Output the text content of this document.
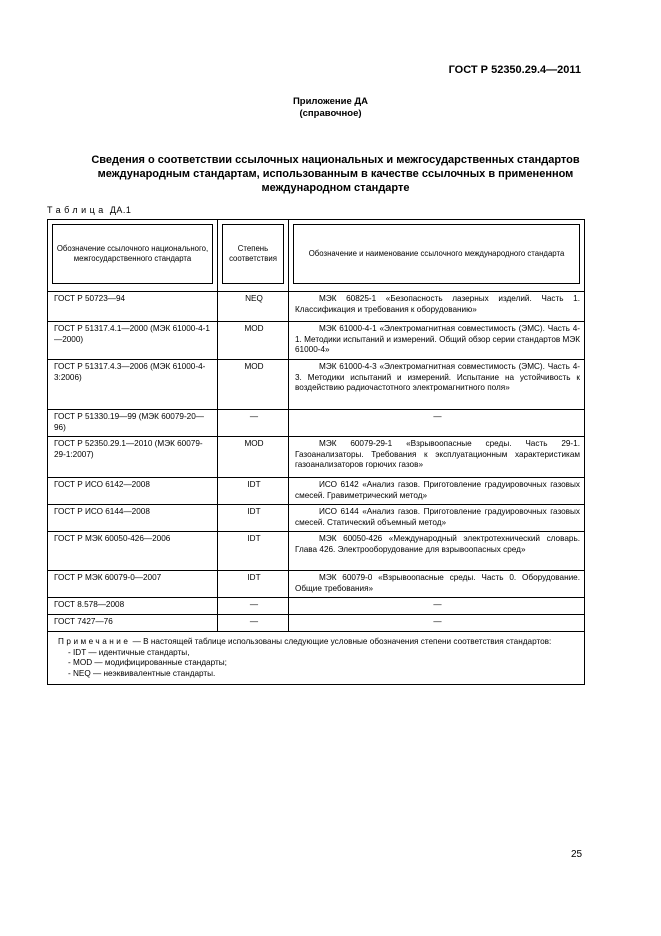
ГОСТ Р 52350.29.4—2011
Приложение ДА
(справочное)
Сведения о соответствии ссылочных национальных и межгосударственных стандартов международным стандартам, использованным в качестве ссылочных в примененном международном стандарте
Таблица ДА.1
Обозначение ссылочного национального, межгосударственного стандарта	Степень соответствия	Обозначение и наименование ссылочного международного стандарта

ГОСТ Р 50723—94	NEQ	МЭК 60825-1 «Безопасность лазерных изделий. Часть 1. Классификация и требования к оборудованию»
ГОСТ Р 51317.4.1—2000 (МЭК 61000-4-1—2000)	MOD	МЭК 61000-4-1 «Электромагнитная совместимость (ЭМС). Часть 4-1. Методики испытаний и измерений. Общий обзор серии стандартов МЭК 61000-4»
ГОСТ Р 51317.4.3—2006 (МЭК 61000-4-3:2006)	MOD	МЭК 61000-4-3 «Электромагнитная совместимость (ЭМС). Часть 4-3. Методики испытаний и измерений. Испытание на устойчивость к воздействию радиочастотного электромагнитного поля»
ГОСТ Р 51330.19—99 (МЭК 60079-20—96)	—	—
ГОСТ Р 52350.29.1—2010 (МЭК 60079-29-1:2007)	MOD	МЭК 60079-29-1 «Взрывоопасные среды. Часть 29-1. Газоанализаторы. Требования к эксплуатационным характеристикам газоанализаторов горючих газов»
ГОСТ Р ИСО 6142—2008	IDT	ИСО 6142 «Анализ газов. Приготовление градуировочных газовых смесей. Гравиметрический метод»
ГОСТ Р ИСО 6144—2008	IDT	ИСО 6144 «Анализ газов. Приготовление градуировочных газовых смесей. Статический объемный метод»
ГОСТ Р МЭК 60050-426—2006	IDT	МЭК 60050-426 «Международный электротехнический словарь. Глава 426. Электрооборудование для взрывоопасных сред»
ГОСТ Р МЭК 60079-0—2007	IDT	МЭК 60079-0 «Взрывоопасные среды. Часть 0. Оборудование. Общие требования»
ГОСТ 8.578—2008	—	—
ГОСТ 7427—76	—	—

Примечание — В настоящей таблице использованы следующие условные обозначения степени соответствия стандартов:
- IDT — идентичные стандарты,
- MOD — модифицированные стандарты;
- NEQ — неэквивалентные стандарты.		
25
